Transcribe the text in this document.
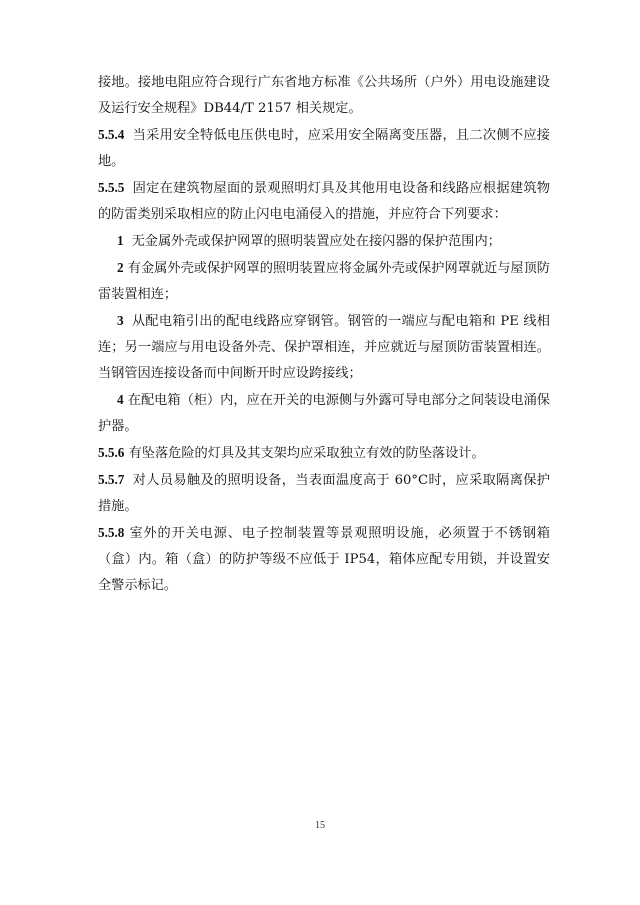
接地。接地电阻应符合现行广东省地方标准《公共场所（户外）用电设施建设及运行安全规程》DB44/T 2157 相关规定。

5.5.4 当采用安全特低电压供电时，应采用安全隔离变压器，且二次侧不应接地。

5.5.5 固定在建筑物屋面的景观照明灯具及其他用电设备和线路应根据建筑物的防雷类别采取相应的防止闪电电涌侵入的措施，并应符合下列要求：

1 无金属外壳或保护网罩的照明装置应处在接闪器的保护范围内；

2 有金属外壳或保护网罩的照明装置应将金属外壳或保护网罩就近与屋顶防雷装置相连；

3 从配电箱引出的配电线路应穿钢管。钢管的一端应与配电箱和 PE 线相连；另一端应与用电设备外壳、保护罩相连，并应就近与屋顶防雷装置相连。当钢管因连接设备而中间断开时应设跨接线；

4 在配电箱（柜）内，应在开关的电源侧与外露可导电部分之间装设电涌保护器。

5.5.6 有坠落危险的灯具及其支架均应采取独立有效的防坠落设计。

5.5.7 对人员易触及的照明设备，当表面温度高于 60°C时，应采取隔离保护措施。

5.5.8 室外的开关电源、电子控制装置等景观照明设施，必须置于不锈钢箱（盒）内。箱（盒）的防护等级不应低于 IP54，箱体应配专用锁，并设置安全警示标记。

15
